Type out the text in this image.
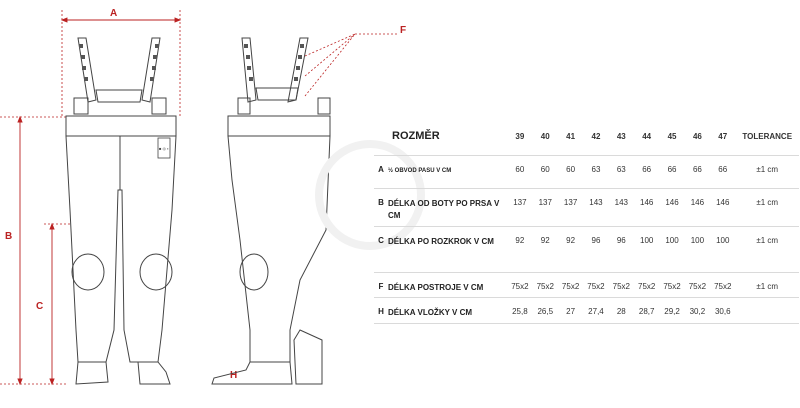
A
B
C
F
H
■ ◎ ▪
ROZMĚR	39	40	41	42	43	44	45	46	47	TOLERANCE

A ½ OBVOD PASU V CM	60	60	60	63	63	66	66	66	66	±1 cm

B DÉLKA OD BOTY PO PRSA V CM	137	137	137	143	143	146	146	146	146	±1 cm

C DÉLKA PO ROZKROK V CM	92	92	92	96	96	100	100	100	100	±1 cm

F DÉLKA POSTROJE V CM	75x2	75x2	75x2	75x2	75x2	75x2	75x2	75x2	75x2	±1 cm

H DÉLKA VLOŽKY V CM	25,8	26,5	27	27,4	28	28,7	29,2	30,2	30,6	
